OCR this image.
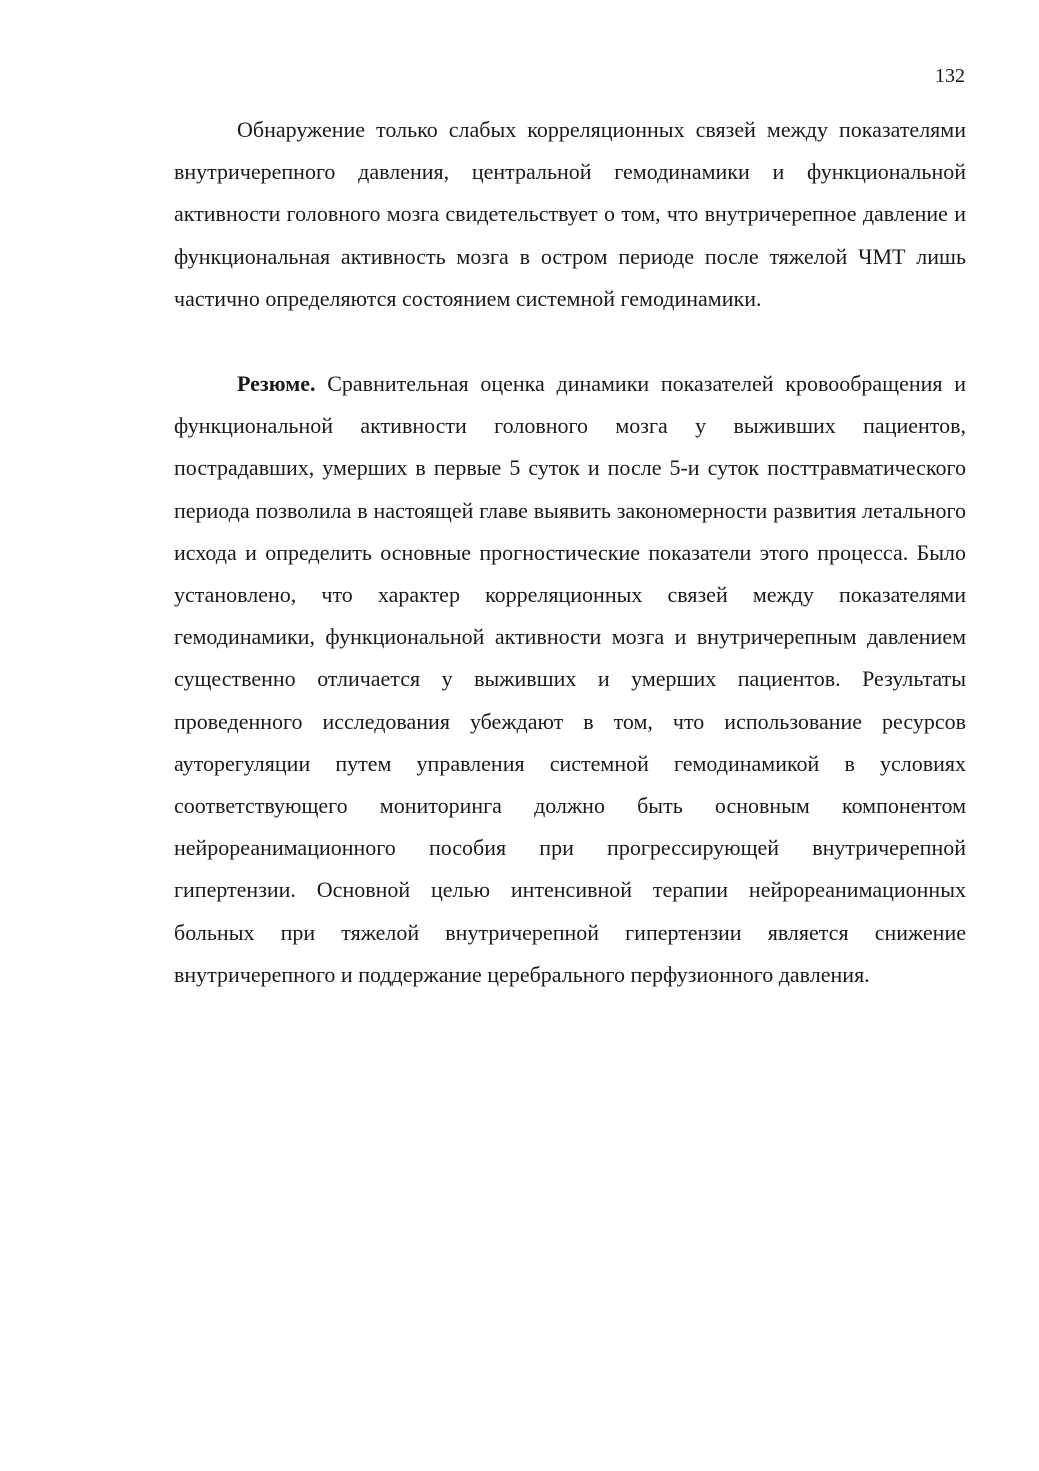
132

Обнаружение только слабых корреляционных связей между показателями внутричерепного давления, центральной гемодинамики и функциональной активности головного мозга свидетельствует о том, что внутричерепное давление и функциональная активность мозга в остром периоде после тяжелой ЧМТ лишь частично определяются состоянием системной гемодинамики.

Резюме. Сравнительная оценка динамики показателей кровообращения и функциональной активности головного мозга у выживших пациентов, пострадавших, умерших в первые 5 суток и после 5-и суток посттравматического периода позволила в настоящей главе выявить закономерности развития летального исхода и определить основные прогностические показатели этого процесса. Было установлено, что характер корреляционных связей между показателями гемодинамики, функциональной активности мозга и внутричерепным давлением существенно отличается у выживших и умерших пациентов. Результаты проведенного исследования убеждают в том, что использование ресурсов ауторегуляции путем управления системной гемодинамикой в условиях соответствующего мониторинга должно быть основным компонентом нейрореанимационного пособия при прогрессирующей внутричерепной гипертензии. Основной целью интенсивной терапии нейрореанимационных больных при тяжелой внутричерепной гипертензии является снижение внутричерепного и поддержание церебрального перфузионного давления.
